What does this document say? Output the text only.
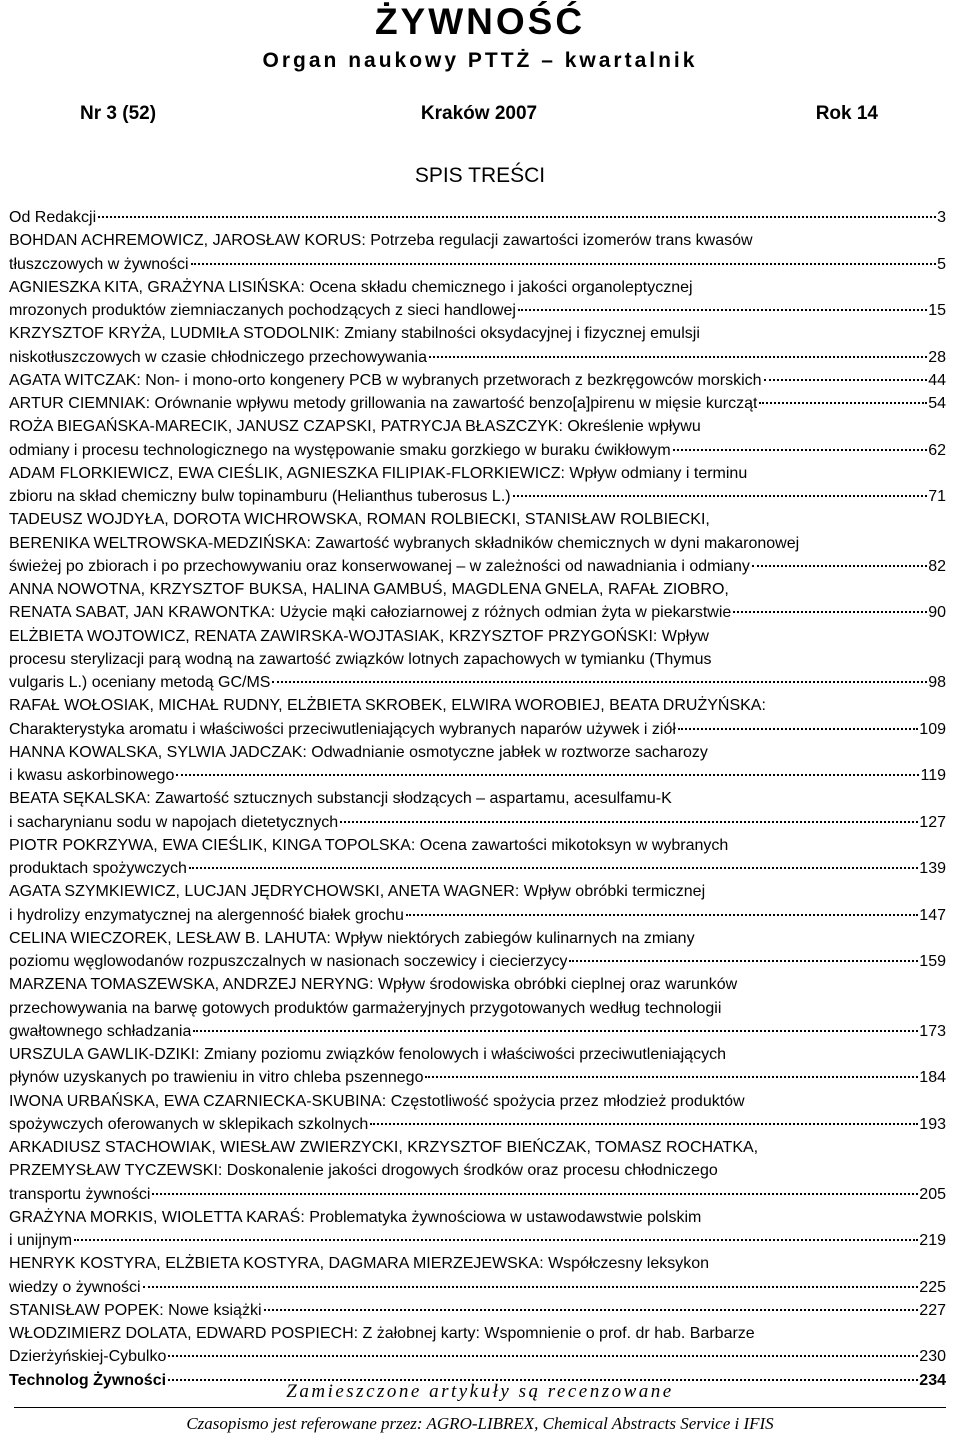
ŻYWNOŚĆ
Organ naukowy PTTŻ – kwartalnik
Kraków 2007
Nr 3 (52)	Rok 14
SPIS TREŚCI
Od Redakcji	3
BOHDAN ACHREMOWICZ, JAROSŁAW KORUS: Potrzeba regulacji zawartości izomerów trans kwasów
tłuszczowych w żywności	5
AGNIESZKA KITA, GRAŻYNA LISIŃSKA: Ocena składu chemicznego i jakości organoleptycznej
mrozonych produktów ziemniaczanych pochodzących z sieci handlowej	15
KRZYSZTOF KRYŻA, LUDMIŁA STODOLNIK: Zmiany stabilności oksydacyjnej i fizycznej emulsji
niskotłuszczowych w czasie chłodniczego przechowywania	28
AGATA WITCZAK: Non- i mono-orto kongenery PCB w wybranych przetworach z bezkręgowców morskich	44
ARTUR CIEMNIAK: Orównanie wpływu metody grillowania na zawartość benzo[a]pirenu w mięsie kurcząt	54
ROŻA BIEGAŃSKA-MARECIK, JANUSZ CZAPSKI, PATRYCJA BŁASZCZYK: Określenie wpływu
odmiany i procesu technologicznego na występowanie smaku gorzkiego w buraku ćwikłowym	62
ADAM FLORKIEWICZ, EWA CIEŚLIK, AGNIESZKA FILIPIAK-FLORKIEWICZ: Wpływ odmiany i terminu
zbioru na skład chemiczny bulw topinamburu (Helianthus tuberosus L.)	71
TADEUSZ WOJDYŁA, DOROTA WICHROWSKA, ROMAN ROLBIECKI, STANISŁAW ROLBIECKI,
BERENIKA WELTROWSKA-MEDZIŃSKA: Zawartość wybranych składników chemicznych w dyni makaronowej
świeżej po zbiorach i po przechowywaniu oraz konserwowanej – w zależności od nawadniania i odmiany	82
ANNA NOWOTNA, KRZYSZTOF BUKSA, HALINA GAMBUŚ, MAGDLENA GNELA, RAFAŁ ZIOBRO,
RENATA SABAT, JAN KRAWONTKA: Użycie mąki całoziarnowej z różnych odmian żyta w piekarstwie	90
ELŻBIETA WOJTOWICZ, RENATA ZAWIRSKA-WOJTASIAK, KRZYSZTOF PRZYGOŃSKI: Wpływ
procesu sterylizacji parą wodną na zawartość związków lotnych zapachowych w tymianku (Thymus
vulgaris L.) oceniany metodą GC/MS	98
RAFAŁ WOŁOSIAK, MICHAŁ RUDNY, ELŻBIETA SKROBEK, ELWIRA WOROBIEJ, BEATA DRUŻYŃSKA:
Charakterystyka aromatu i właściwości przeciwutleniających wybranych naparów używek i ziół	109
HANNA KOWALSKA, SYLWIA JADCZAK: Odwadnianie osmotyczne jabłek w roztworze sacharozy
i kwasu askorbinowego	119
BEATA SĘKALSKA: Zawartość sztucznych substancji słodzących – aspartamu, acesulfamu-K
i sacharynianu sodu w napojach dietetycznych	127
PIOTR POKRZYWA, EWA CIEŚLIK, KINGA TOPOLSKA: Ocena zawartości mikotoksyn w wybranych
produktach spożywczych	139
AGATA SZYMKIEWICZ, LUCJAN JĘDRYCHOWSKI, ANETA WAGNER: Wpływ obróbki termicznej
i hydrolizy enzymatycznej na alergenność białek grochu	147
CELINA WIECZOREK, LESŁAW B. LAHUTA: Wpływ niektórych zabiegów kulinarnych na zmiany
poziomu węglowodanów rozpuszczalnych w nasionach soczewicy i ciecierzycy	159
MARZENA TOMASZEWSKA, ANDRZEJ NERYNG: Wpływ środowiska obróbki cieplnej oraz warunków
przechowywania na barwę gotowych produktów garmażeryjnych przygotowanych według technologii
gwałtownego schładzania	173
URSZULA GAWLIK-DZIKI: Zmiany poziomu związków fenolowych i właściwości przeciwutleniających
płynów uzyskanych po trawieniu in vitro chleba pszennego	184
IWONA URBAŃSKA, EWA CZARNIECKA-SKUBINA: Częstotliwość spożycia przez młodzież produktów
spożywczych oferowanych w sklepikach szkolnych	193
ARKADIUSZ STACHOWIAK, WIESŁAW ZWIERZYCKI, KRZYSZTOF BIEŃCZAK, TOMASZ ROCHATKA,
PRZEMYSŁAW TYCZEWSKI: Doskonalenie jakości drogowych środków oraz procesu chłodniczego
transportu żywności	205
GRAŻYNA MORKIS, WIOLETTA KARAŚ: Problematyka żywnościowa w ustawodawstwie polskim
i unijnym	219
HENRYK KOSTYRA, ELŻBIETA KOSTYRA, DAGMARA MIERZEJEWSKA: Współczesny leksykon
wiedzy o żywności	225
STANISŁAW POPEK: Nowe książki	227
WŁODZIMIERZ DOLATA, EDWARD POSPIECH: Z żałobnej karty: Wspomnienie o prof. dr hab. Barbarze
Dzierżyńskiej-Cybulko	230
Technolog Żywności	234
Zamieszczone artykuły są recenzowane
Czasopismo jest referowane przez: AGRO-LIBREX, Chemical Abstracts Service i IFIS
